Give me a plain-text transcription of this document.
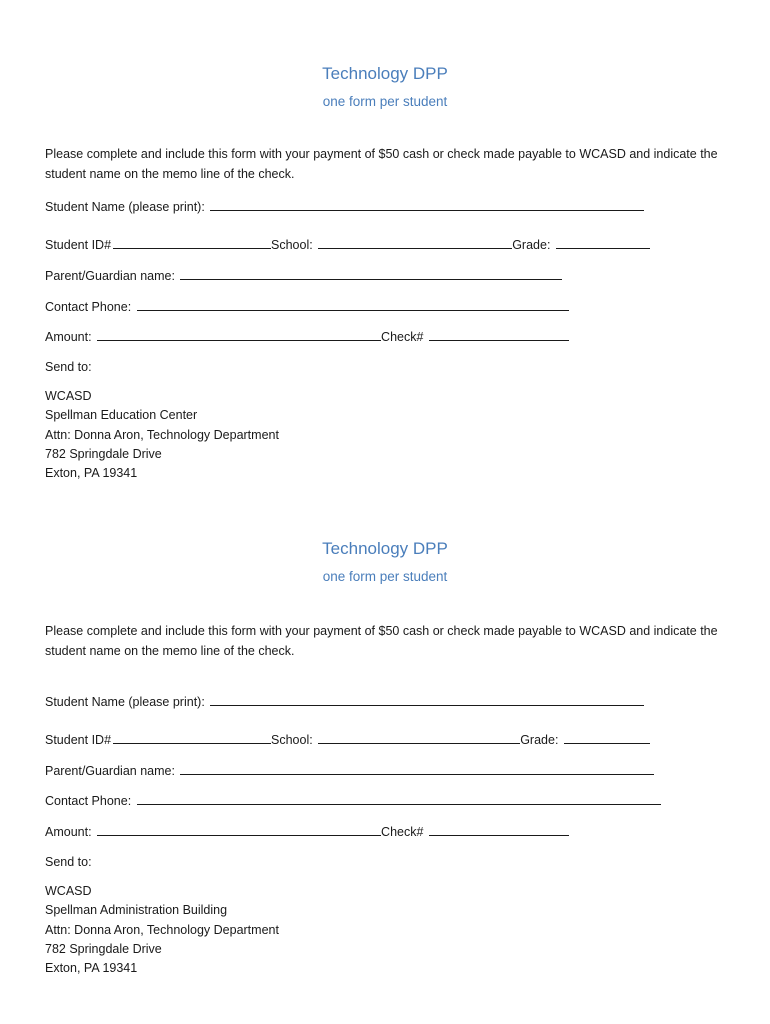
Technology DPP
one form per student
Please complete and include this form with your payment of $50 cash or check made payable to WCASD and indicate the student name on the memo line of the check.
Student Name (please print):
Student ID#	School:	Grade:
Parent/Guardian name:
Contact Phone:
Amount:	Check#
Send to:
WCASD
Spellman Education Center
Attn: Donna Aron, Technology Department
782 Springdale Drive
Exton, PA 19341
Technology DPP
one form per student
Please complete and include this form with your payment of $50 cash or check made payable to WCASD and indicate the student name on the memo line of the check.
Student Name (please print):
Student ID#	School:	Grade:
Parent/Guardian name:
Contact Phone:
Amount:	Check#
Send to:
WCASD
Spellman Administration Building
Attn: Donna Aron, Technology Department
782 Springdale Drive
Exton, PA 19341
